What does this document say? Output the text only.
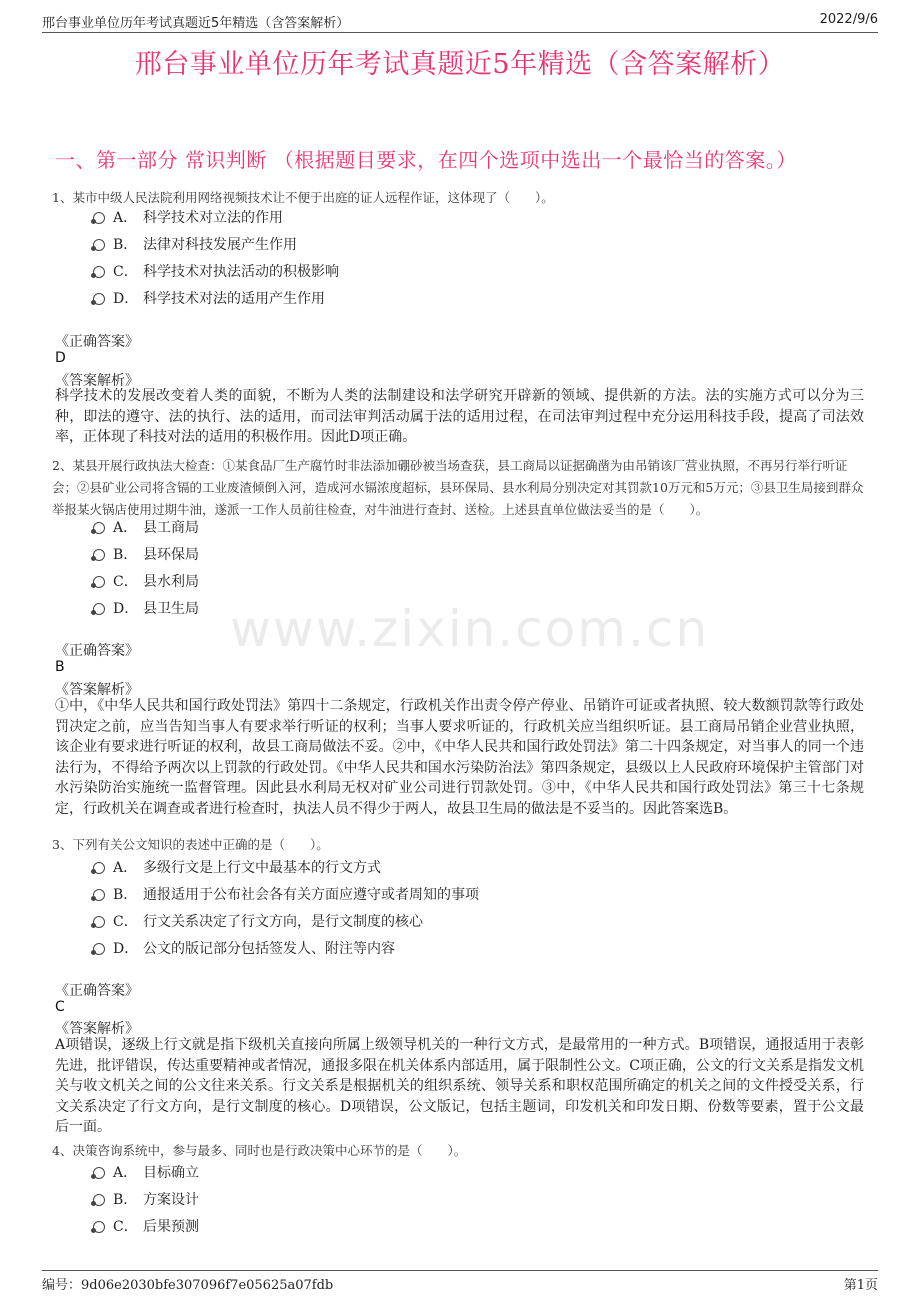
邢台事业单位历年考试真题近5年精选（含答案解析）	2022/9/6
邢台事业单位历年考试真题近5年精选（含答案解析）
一、第一部分 常识判断 （根据题目要求，在四个选项中选出一个最恰当的答案。）
www.zixin.com.cn
1、某市中级人民法院利用网络视频技术让不便于出庭的证人远程作证，这体现了（　　）。
A． 科学技术对立法的作用
B． 法律对科技发展产生作用
C． 科学技术对执法活动的积极影响
D． 科学技术对法的适用产生作用
《正确答案》
D
《答案解析》
科学技术的发展改变着人类的面貌，不断为人类的法制建设和法学研究开辟新的领域、提供新的方法。法的实施方式可以分为三种，即法的遵守、法的执行、法的适用，而司法审判活动属于法的适用过程，在司法审判过程中充分运用科技手段，提高了司法效率，正体现了科技对法的适用的积极作用。因此D项正确。
2、某县开展行政执法大检查：①某食品厂生产腐竹时非法添加硼砂被当场查获，县工商局以证据确凿为由吊销该厂营业执照，不再另行举行听证会；②县矿业公司将含镉的工业废渣倾倒入河，造成河水镉浓度超标，县环保局、县水利局分别决定对其罚款10万元和5万元；③县卫生局接到群众举报某火锅店使用过期牛油，遂派一工作人员前往检查，对牛油进行查封、送检。上述县直单位做法妥当的是（　　）。
A． 县工商局
B． 县环保局
C． 县水利局
D． 县卫生局
《正确答案》
B
《答案解析》
①中，《中华人民共和国行政处罚法》第四十二条规定，行政机关作出责令停产停业、吊销许可证或者执照、较大数额罚款等行政处罚决定之前，应当告知当事人有要求举行听证的权利；当事人要求听证的，行政机关应当组织听证。县工商局吊销企业营业执照，该企业有要求进行听证的权利，故县工商局做法不妥。②中，《中华人民共和国行政处罚法》第二十四条规定，对当事人的同一个违法行为，不得给予两次以上罚款的行政处罚。《中华人民共和国水污染防治法》第四条规定，县级以上人民政府环境保护主管部门对水污染防治实施统一监督管理。因此县水利局无权对矿业公司进行罚款处罚。③中，《中华人民共和国行政处罚法》第三十七条规定，行政机关在调查或者进行检查时，执法人员不得少于两人，故县卫生局的做法是不妥当的。因此答案选B。
3、下列有关公文知识的表述中正确的是（　　）。
A． 多级行文是上行文中最基本的行文方式
B． 通报适用于公布社会各有关方面应遵守或者周知的事项
C． 行文关系决定了行文方向，是行文制度的核心
D． 公文的版记部分包括签发人、附注等内容
《正确答案》
C
《答案解析》
A项错误，逐级上行文就是指下级机关直接向所属上级领导机关的一种行文方式，是最常用的一种方式。B项错误，通报适用于表彰先进，批评错误，传达重要精神或者情况，通报多限在机关体系内部适用，属于限制性公文。C项正确，公文的行文关系是指发文机关与收文机关之间的公文往来关系。行文关系是根据机关的组织系统、领导关系和职权范围所确定的机关之间的文件授受关系，行文关系决定了行文方向，是行文制度的核心。D项错误，公文版记，包括主题词，印发机关和印发日期、份数等要素，置于公文最后一面。
4、决策咨询系统中，参与最多、同时也是行政决策中心环节的是（　　）。
A． 目标确立
B． 方案设计
C． 后果预测
编号：9d06e2030bfe307096f7e05625a07fdb	第1页
